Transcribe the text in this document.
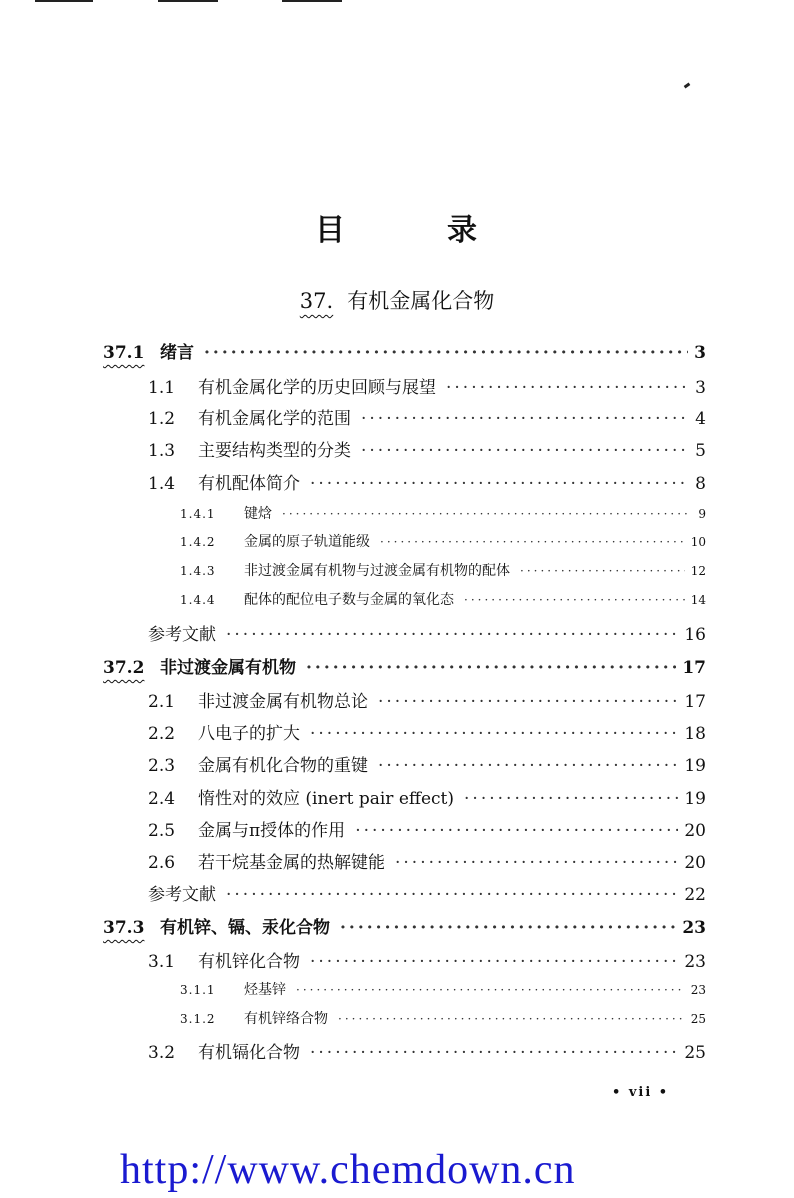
目	录
37. 有机金属化合物
37.1 绪言 ·····	3
1.1	有机金属化学的历史回顾与展望 ·····	3
1.2	有机金属化学的范围 ·····	4
1.3	主要结构类型的分类 ·····	5
1.4	有机配体简介 ·····	8
1.4.1	键焓 ·····	9
1.4.2	金属的原子轨道能级 ·····	10
1.4.3	非过渡金属有机物与过渡金属有机物的配体 ·····	12
1.4.4	配体的配位电子数与金属的氧化态 ·····	14
参考文献 ·····	16
37.2 非过渡金属有机物 ·····	17
2.1	非过渡金属有机物总论 ·····	17
2.2	八电子的扩大 ·····	18
2.3	金属有机化合物的重键 ·····	19
2.4	惰性对的效应 (inert pair effect) ·····	19
2.5	金属与π授体的作用 ·····	20
2.6	若干烷基金属的热解键能 ·····	20
参考文献 ·····	22
37.3 有机锌、镉、汞化合物 ·····	23
3.1	有机锌化合物 ·····	23
3.1.1	烃基锌 ·····	23
3.1.2	有机锌络合物 ·····	25
3.2	有机镉化合物 ·····	25
• vii •
http://www.chemdown.cn
